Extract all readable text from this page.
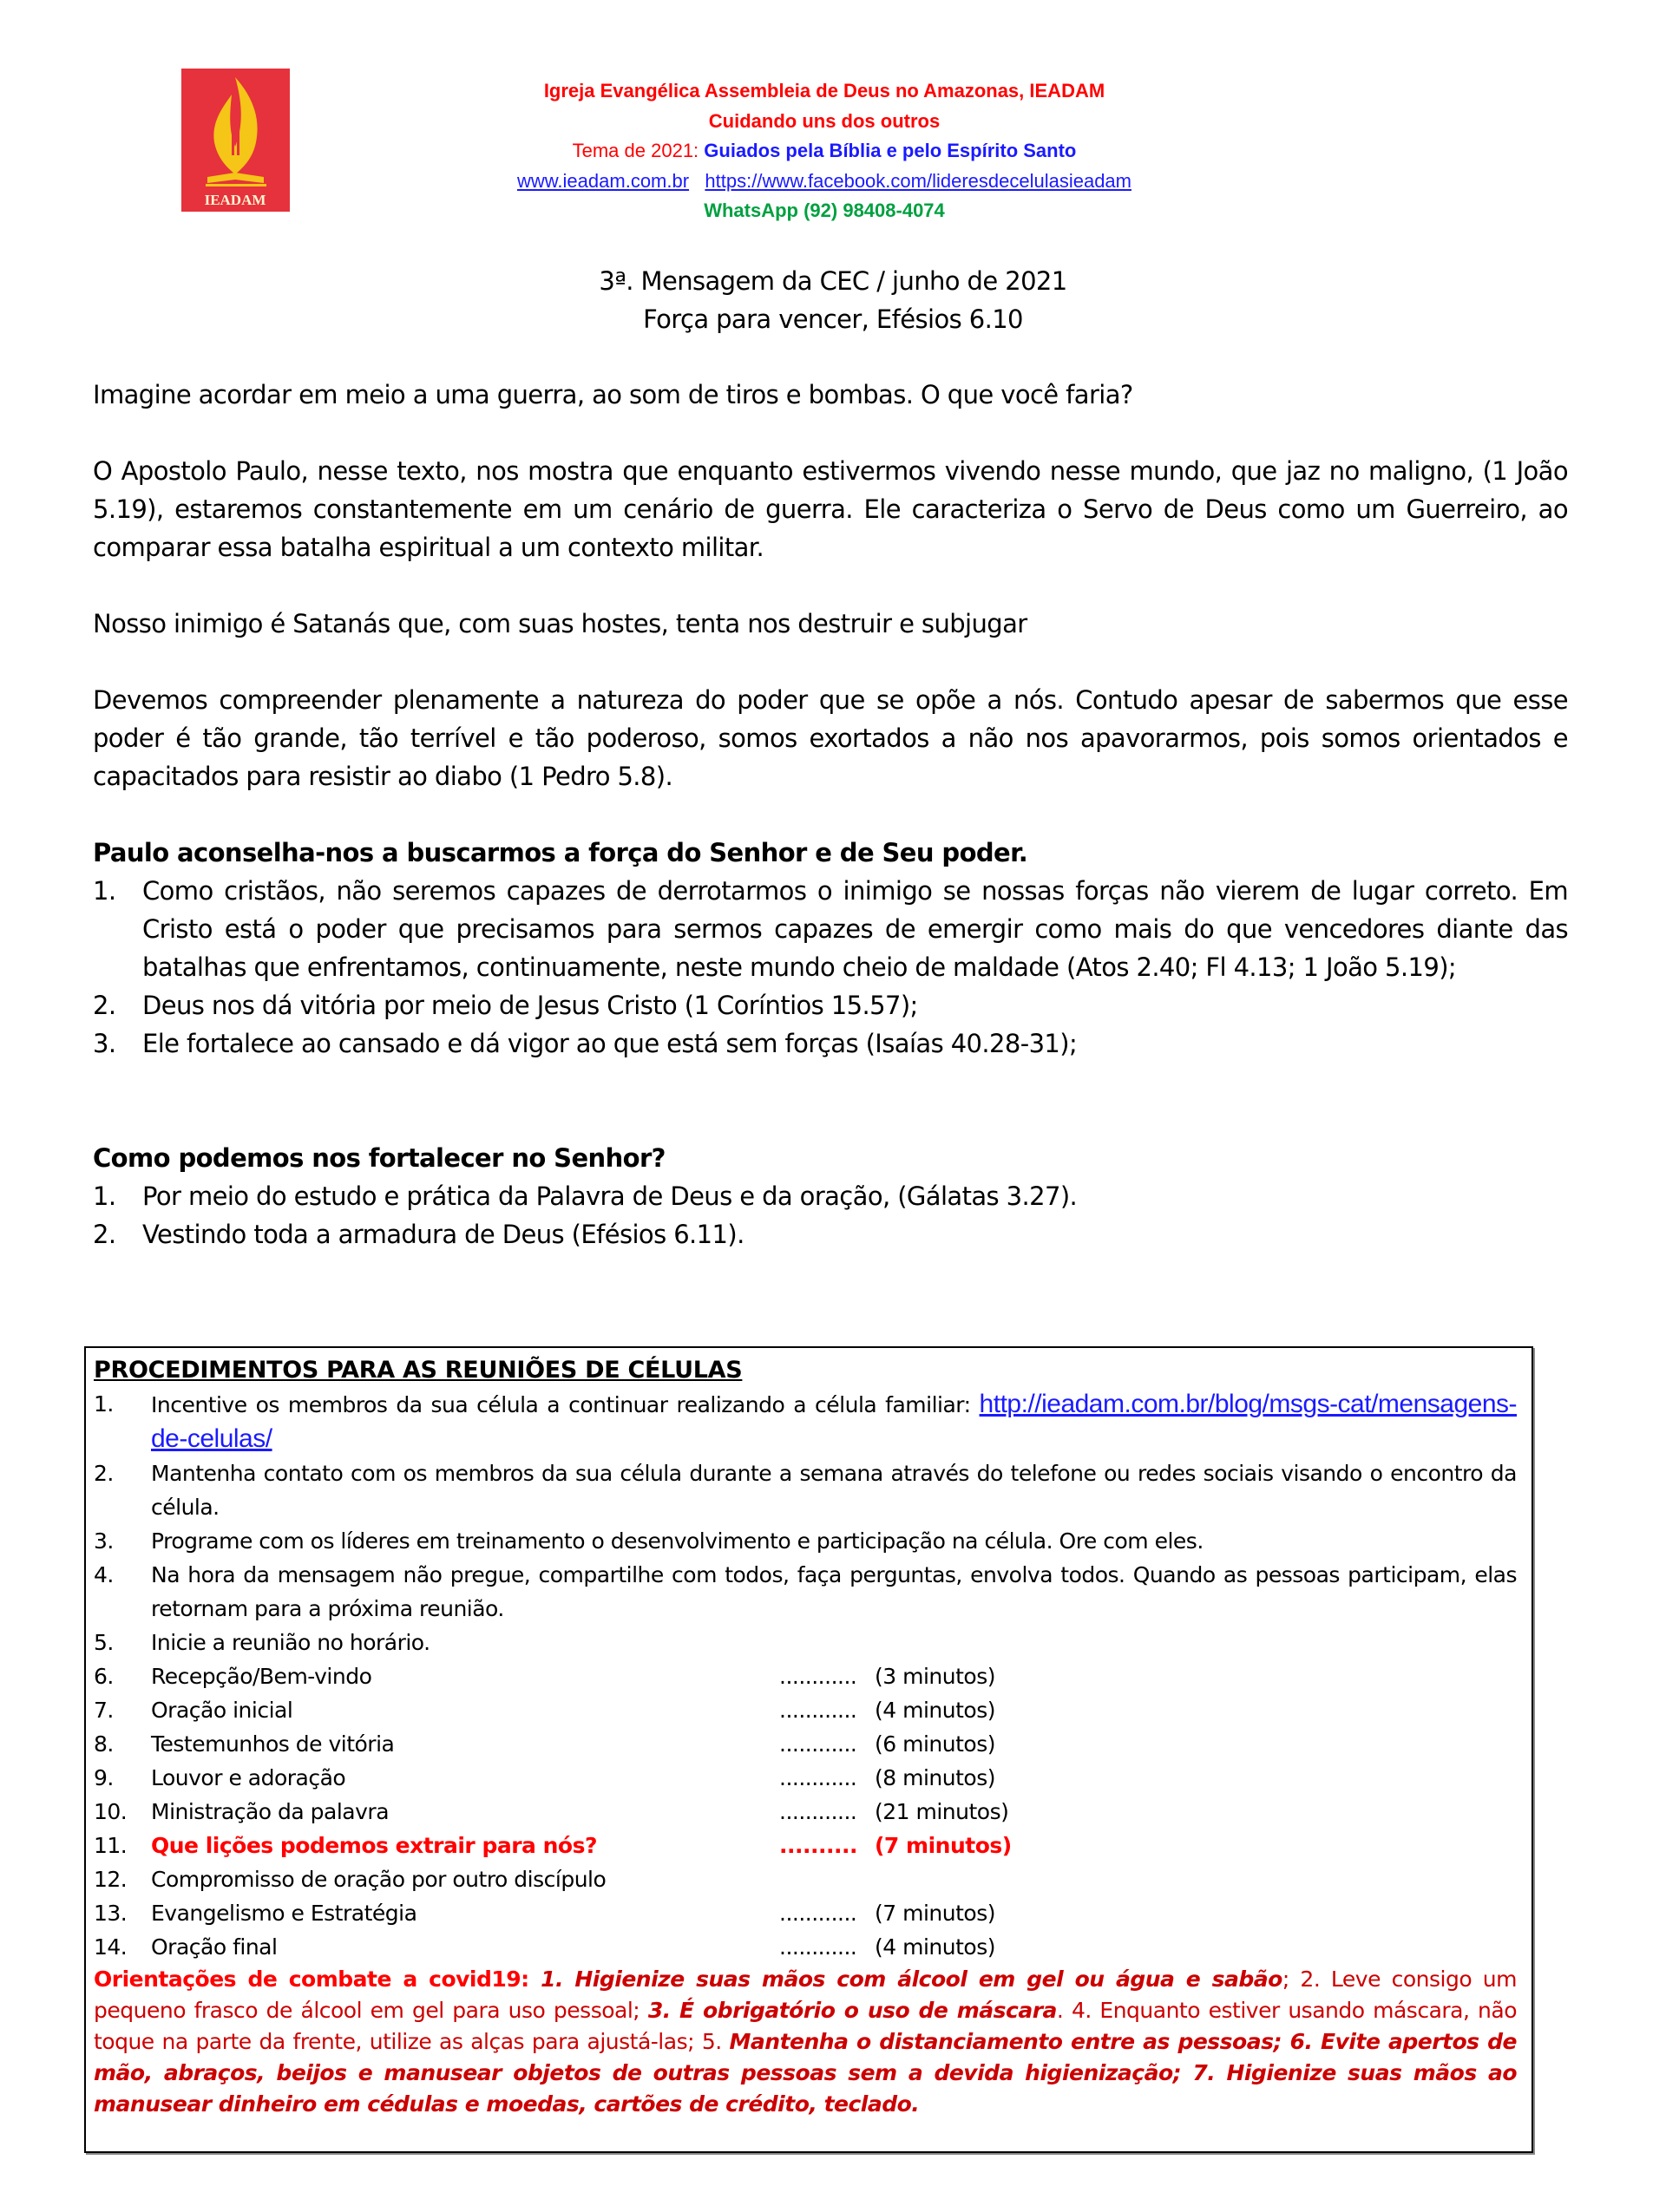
IEADAM
Igreja Evangélica Assembleia de Deus no Amazonas, IEADAM
Cuidando uns dos outros
Tema de 2021: Guiados pela Bíblia e pelo Espírito Santo
www.ieadam.com.br https://www.facebook.com/lideresdecelulasieadam
WhatsApp (92) 98408-4074
3ª. Mensagem da CEC / junho de 2021
Força para vencer, Efésios 6.10
Imagine acordar em meio a uma guerra, ao som de tiros e bombas. O que você faria?
O Apostolo Paulo, nesse texto, nos mostra que enquanto estivermos vivendo nesse mundo, que jaz no maligno, (1 João 5.19), estaremos constantemente em um cenário de guerra. Ele caracteriza o Servo de Deus como um Guerreiro, ao comparar essa batalha espiritual a um contexto militar.
Nosso inimigo é Satanás que, com suas hostes, tenta nos destruir e subjugar
Devemos compreender plenamente a natureza do poder que se opõe a nós. Contudo apesar de sabermos que esse poder é tão grande, tão terrível e tão poderoso, somos exortados a não nos apavorarmos, pois somos orientados e capacitados para resistir ao diabo (1 Pedro 5.8).
Paulo aconselha-nos a buscarmos a força do Senhor e de Seu poder.
1.	Como cristãos, não seremos capazes de derrotarmos o inimigo se nossas forças não vierem de lugar correto. Em Cristo está o poder que precisamos para sermos capazes de emergir como mais do que vencedores diante das batalhas que enfrentamos, continuamente, neste mundo cheio de maldade (Atos 2.40; Fl 4.13; 1 João 5.19);
2.	Deus nos dá vitória por meio de Jesus Cristo (1 Coríntios 15.57);
3.	Ele fortalece ao cansado e dá vigor ao que está sem forças (Isaías 40.28-31);
Como podemos nos fortalecer no Senhor?
1.	Por meio do estudo e prática da Palavra de Deus e da oração, (Gálatas 3.27).
2.	Vestindo toda a armadura de Deus (Efésios 6.11).
PROCEDIMENTOS PARA AS REUNIÕES DE CÉLULAS
1.	Incentive os membros da sua célula a continuar realizando a célula familiar: http://ieadam.com.br/blog/msgs-cat/mensagens-de-celulas/
2.	Mantenha contato com os membros da sua célula durante a semana através do telefone ou redes sociais visando o encontro da célula.
3.	Programe com os líderes em treinamento o desenvolvimento e participação na célula. Ore com eles.
4.	Na hora da mensagem não pregue, compartilhe com todos, faça perguntas, envolva todos. Quando as pessoas participam, elas retornam para a próxima reunião.
5.	Inicie a reunião no horário.
6.	Recepção/Bem-vindo	............ (3 minutos)
7.	Oração inicial	............ (4 minutos)
8.	Testemunhos de vitória	............ (6 minutos)
9.	Louvor e adoração	............ (8 minutos)
10.	Ministração da palavra	............ (21 minutos)
11.	Que lições podemos extrair para nós?	.......... (7 minutos)
12.	Compromisso de oração por outro discípulo
13.	Evangelismo e Estratégia	............ (7 minutos)
14.	Oração final	............ (4 minutos)
Orientações de combate a covid19: 1. Higienize suas mãos com álcool em gel ou água e sabão; 2. Leve consigo um pequeno frasco de álcool em gel para uso pessoal; 3. É obrigatório o uso de máscara. 4. Enquanto estiver usando máscara, não toque na parte da frente, utilize as alças para ajustá-las; 5. Mantenha o distanciamento entre as pessoas; 6. Evite apertos de mão, abraços, beijos e manusear objetos de outras pessoas sem a devida higienização; 7. Higienize suas mãos ao manusear dinheiro em cédulas e moedas, cartões de crédito, teclado.
